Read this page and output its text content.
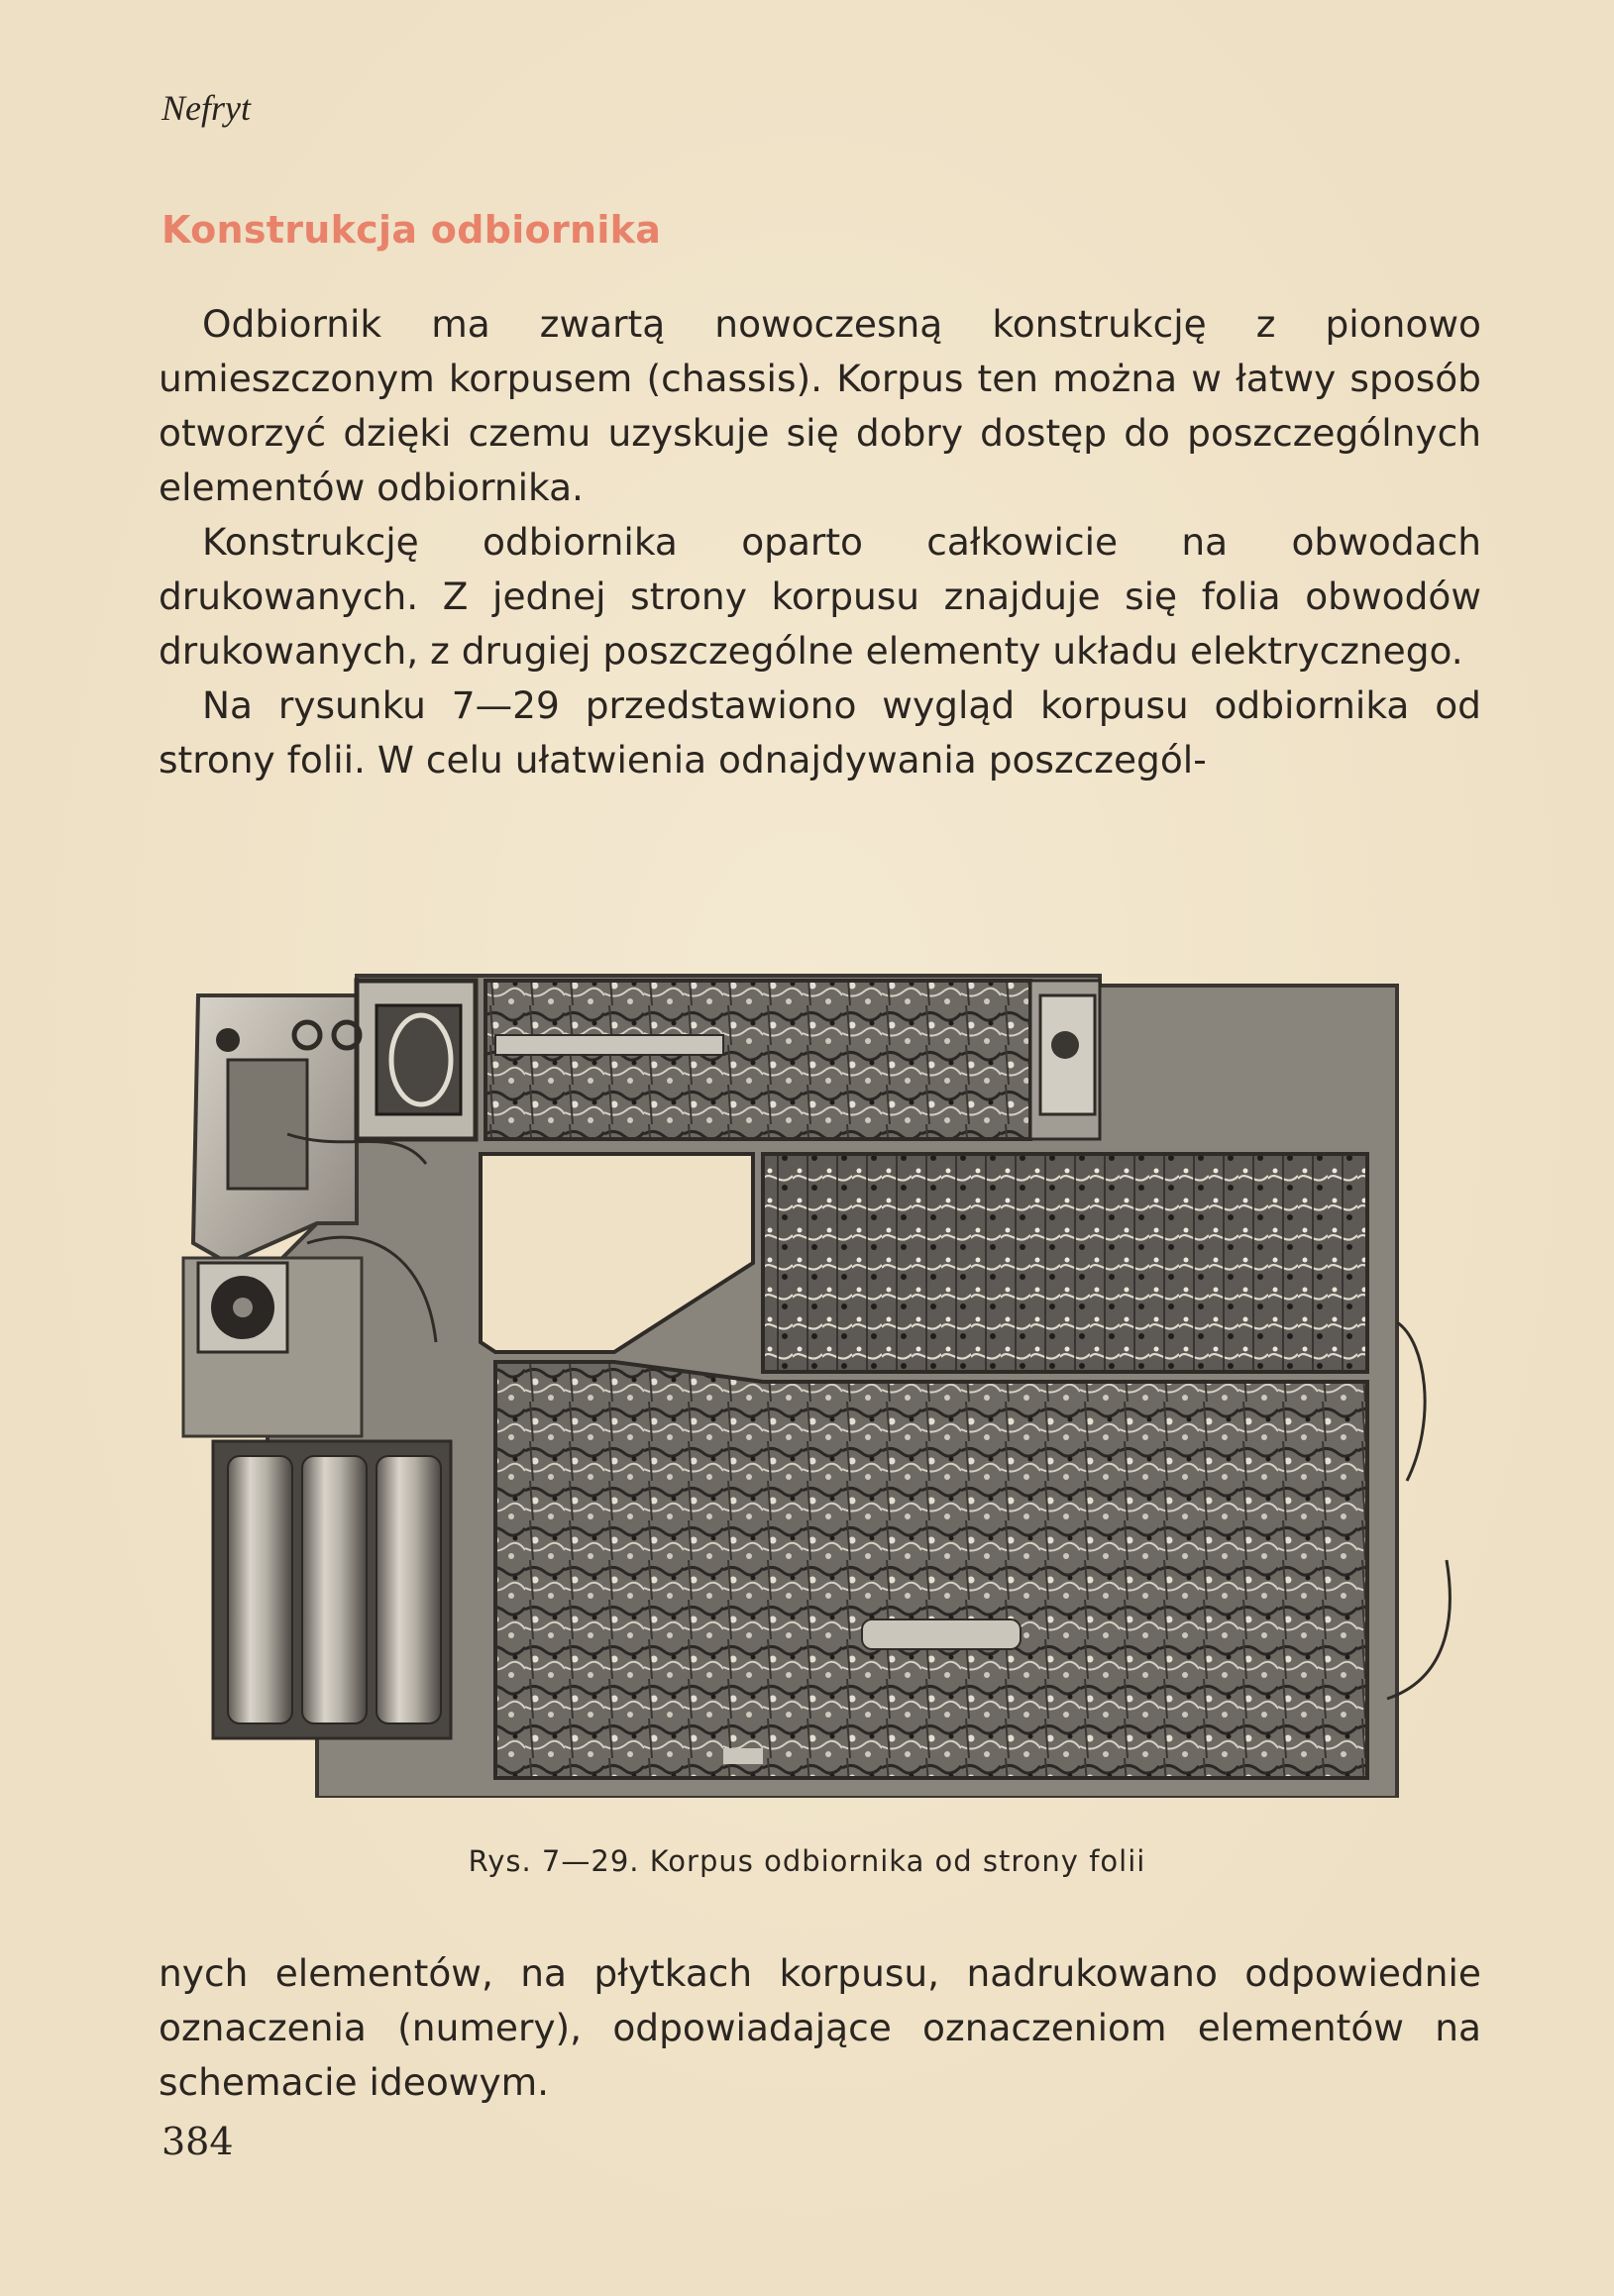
Nefryt
Konstrukcja odbiornika

Odbiornik ma zwartą nowoczesną konstrukcję z pionowo umieszczonym korpusem (chassis). Korpus ten można w łatwy sposób otworzyć dzięki czemu uzyskuje się dobry dostęp do poszczególnych elementów odbiornika.

Konstrukcję odbiornika oparto całkowicie na obwodach drukowanych. Z jednej strony korpusu znajduje się folia obwodów drukowanych, z drugiej poszczególne elementy układu elektrycznego.

Na rysunku 7—29 przedstawiono wygląd korpusu odbiornika od strony folii. W celu ułatwienia odnajdywania poszczegól-

Rys. 7—29. Korpus odbiornika od strony folii

nych elementów, na płytkach korpusu, nadrukowano odpowiednie oznaczenia (numery), odpowiadające oznaczeniom elementów na schemacie ideowym.

384
